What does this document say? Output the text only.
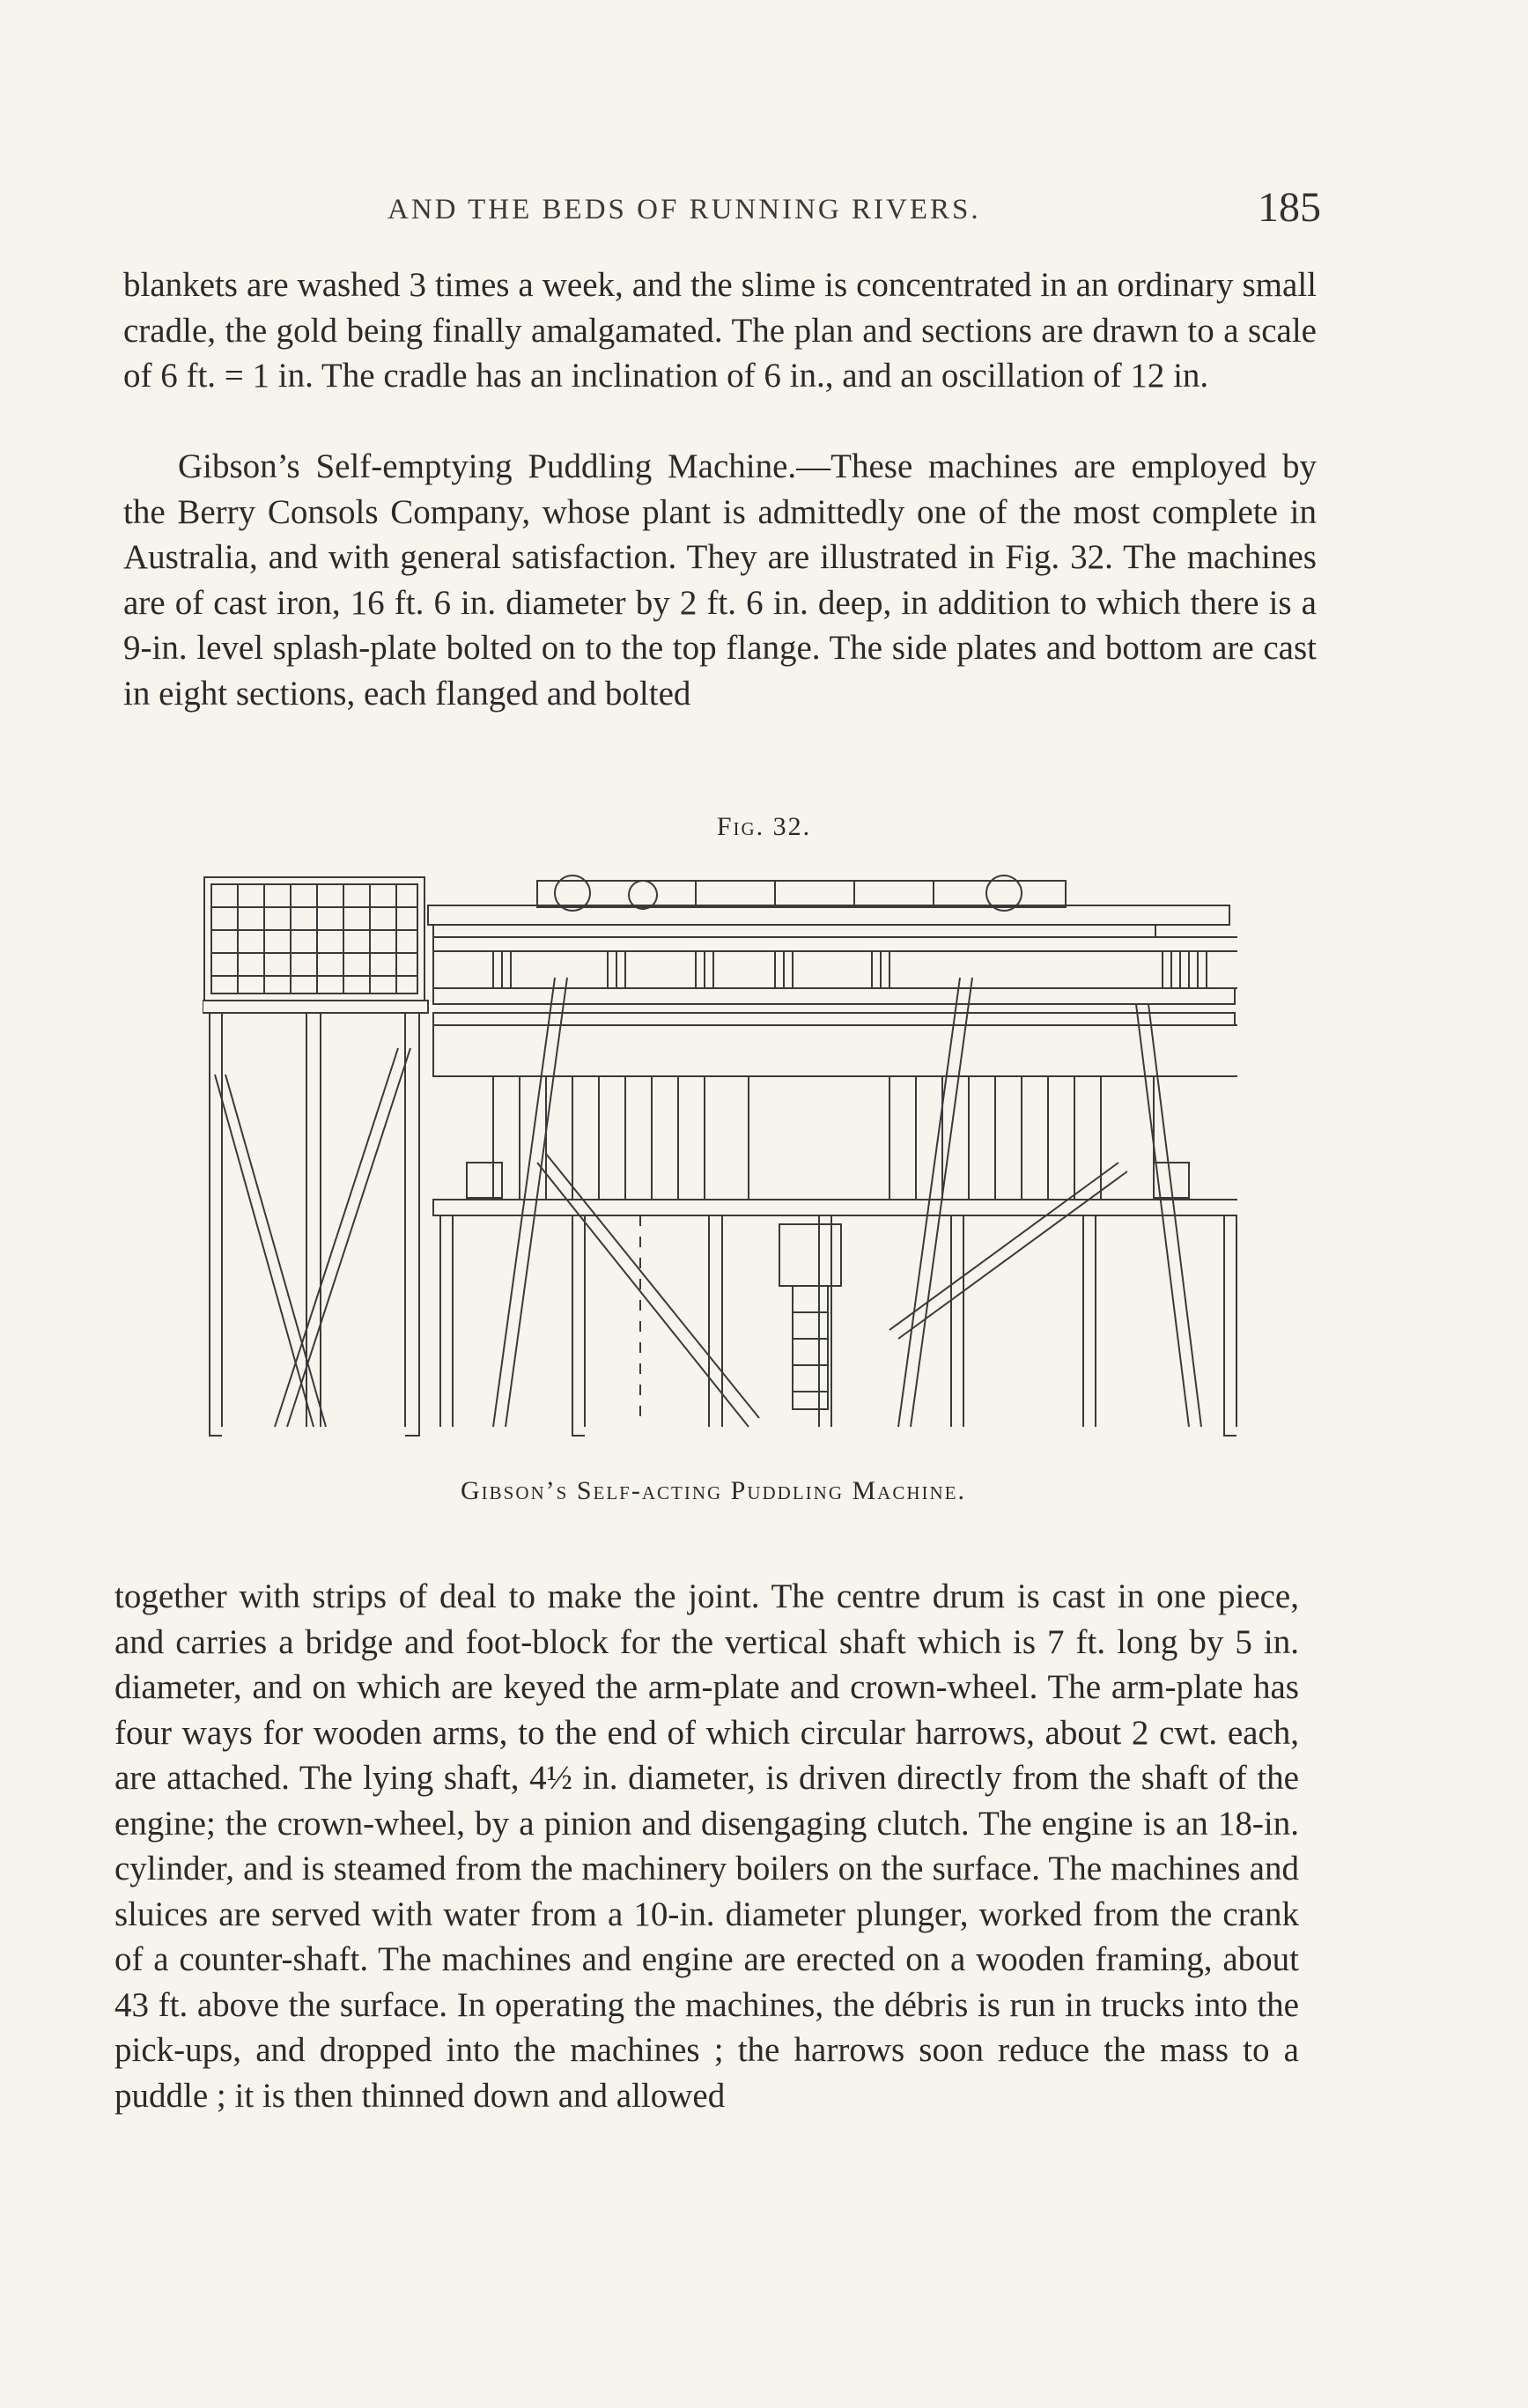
AND THE BEDS OF RUNNING RIVERS.	185

blankets are washed 3 times a week, and the slime is concentrated in an ordinary small cradle, the gold being finally amalgamated. The plan and sections are drawn to a scale of 6 ft. = 1 in. The cradle has an inclination of 6 in., and an oscillation of 12 in.

Gibson’s Self-emptying Puddling Machine.—These machines are employed by the Berry Consols Company, whose plant is admittedly one of the most complete in Australia, and with general satisfaction. They are illustrated in Fig. 32. The machines are of cast iron, 16 ft. 6 in. diameter by 2 ft. 6 in. deep, in addition to which there is a 9-in. level splash-plate bolted on to the top flange. The side plates and bottom are cast in eight sections, each flanged and bolted

Fig. 32.
Gibson’s Self-acting Puddling Machine.

together with strips of deal to make the joint. The centre drum is cast in one piece, and carries a bridge and foot-block for the vertical shaft which is 7 ft. long by 5 in. diameter, and on which are keyed the arm-plate and crown-wheel. The arm-plate has four ways for wooden arms, to the end of which circular harrows, about 2 cwt. each, are attached. The lying shaft, 4½ in. diameter, is driven directly from the shaft of the engine; the crown-wheel, by a pinion and disengaging clutch. The engine is an 18-in. cylinder, and is steamed from the machinery boilers on the surface. The machines and sluices are served with water from a 10-in. diameter plunger, worked from the crank of a counter-shaft. The machines and engine are erected on a wooden framing, about 43 ft. above the surface. In operating the machines, the débris is run in trucks into the pick-ups, and dropped into the machines ; the harrows soon reduce the mass to a puddle ; it is then thinned down and allowed
